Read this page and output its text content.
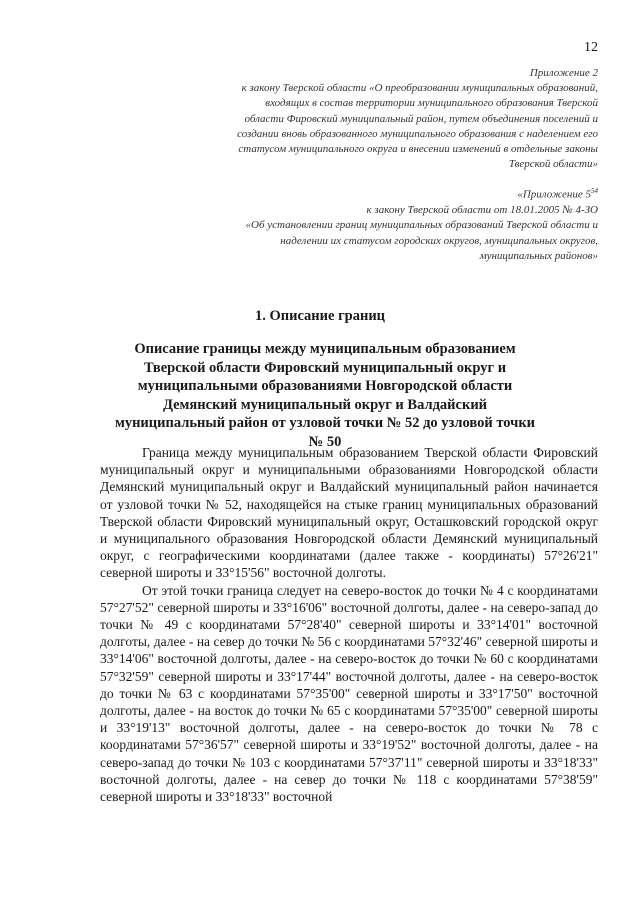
12

Приложение 2

к закону Тверской области «О преобразовании муниципальных образований, входящих в состав территории муниципального образования Тверской области Фировский муниципальный район, путем объединения поселений и создании вновь образованного муниципального образования с наделением его статусом муниципального округа и внесении изменений в отдельные законы Тверской области»

«Приложение $5^{54}$

к закону Тверской области от 18.01.2005 № 4-ЗО

«Об установлении границ муниципальных образований Тверской области и наделении их статусом городских округов, муниципальных округов, муниципальных районов»

1. Описание границ
Описание границы между муниципальным образованием Тверской области Фировский муниципальный округ и муниципальными образованиями Новгородской области Демянский муниципальный округ и Валдайский муниципальный район от узловой точки № 52 до узловой точки № 50

Граница между муниципальным образованием Тверской области Фировский муниципальный округ и муниципальными образованиями Новгородской области Демянский муниципальный округ и Валдайский муниципальный район начинается от узловой точки № 52, находящейся на стыке границ муниципальных образований Тверской области Фировский муниципальный округ, Осташковский городской округ и муниципального образования Новгородской области Демянский муниципальный округ, с географическими координатами (далее также - координаты) 57°26'21" северной широты и 33°15'56" восточной долготы.

От этой точки граница следует на северо-восток до точки № 4 с координатами 57°27'52" северной широты и 33°16'06" восточной долготы, далее - на северо-запад до точки № 49 с координатами 57°28'40" северной широты и 33°14'01" восточной долготы, далее - на север до точки № 56 с координатами 57°32'46" северной широты и 33°14'06" восточной долготы, далее - на северо-восток до точки № 60 с координатами 57°32'59" северной широты и 33°17'44" восточной долготы, далее - на северо-восток до точки № 63 с координатами 57°35'00" северной широты и 33°17'50" восточной долготы, далее - на восток до точки № 65 с координатами 57°35'00" северной широты и 33°19'13" восточной долготы, далее - на северо-восток до точки № 78 с координатами 57°36'57" северной широты и 33°19'52" восточной долготы, далее - на северо-запад до точки № 103 с координатами 57°37'11" северной широты и 33°18'33" восточной долготы, далее - на север до точки № 118 с координатами 57°38'59" северной широты и 33°18'33" восточной
